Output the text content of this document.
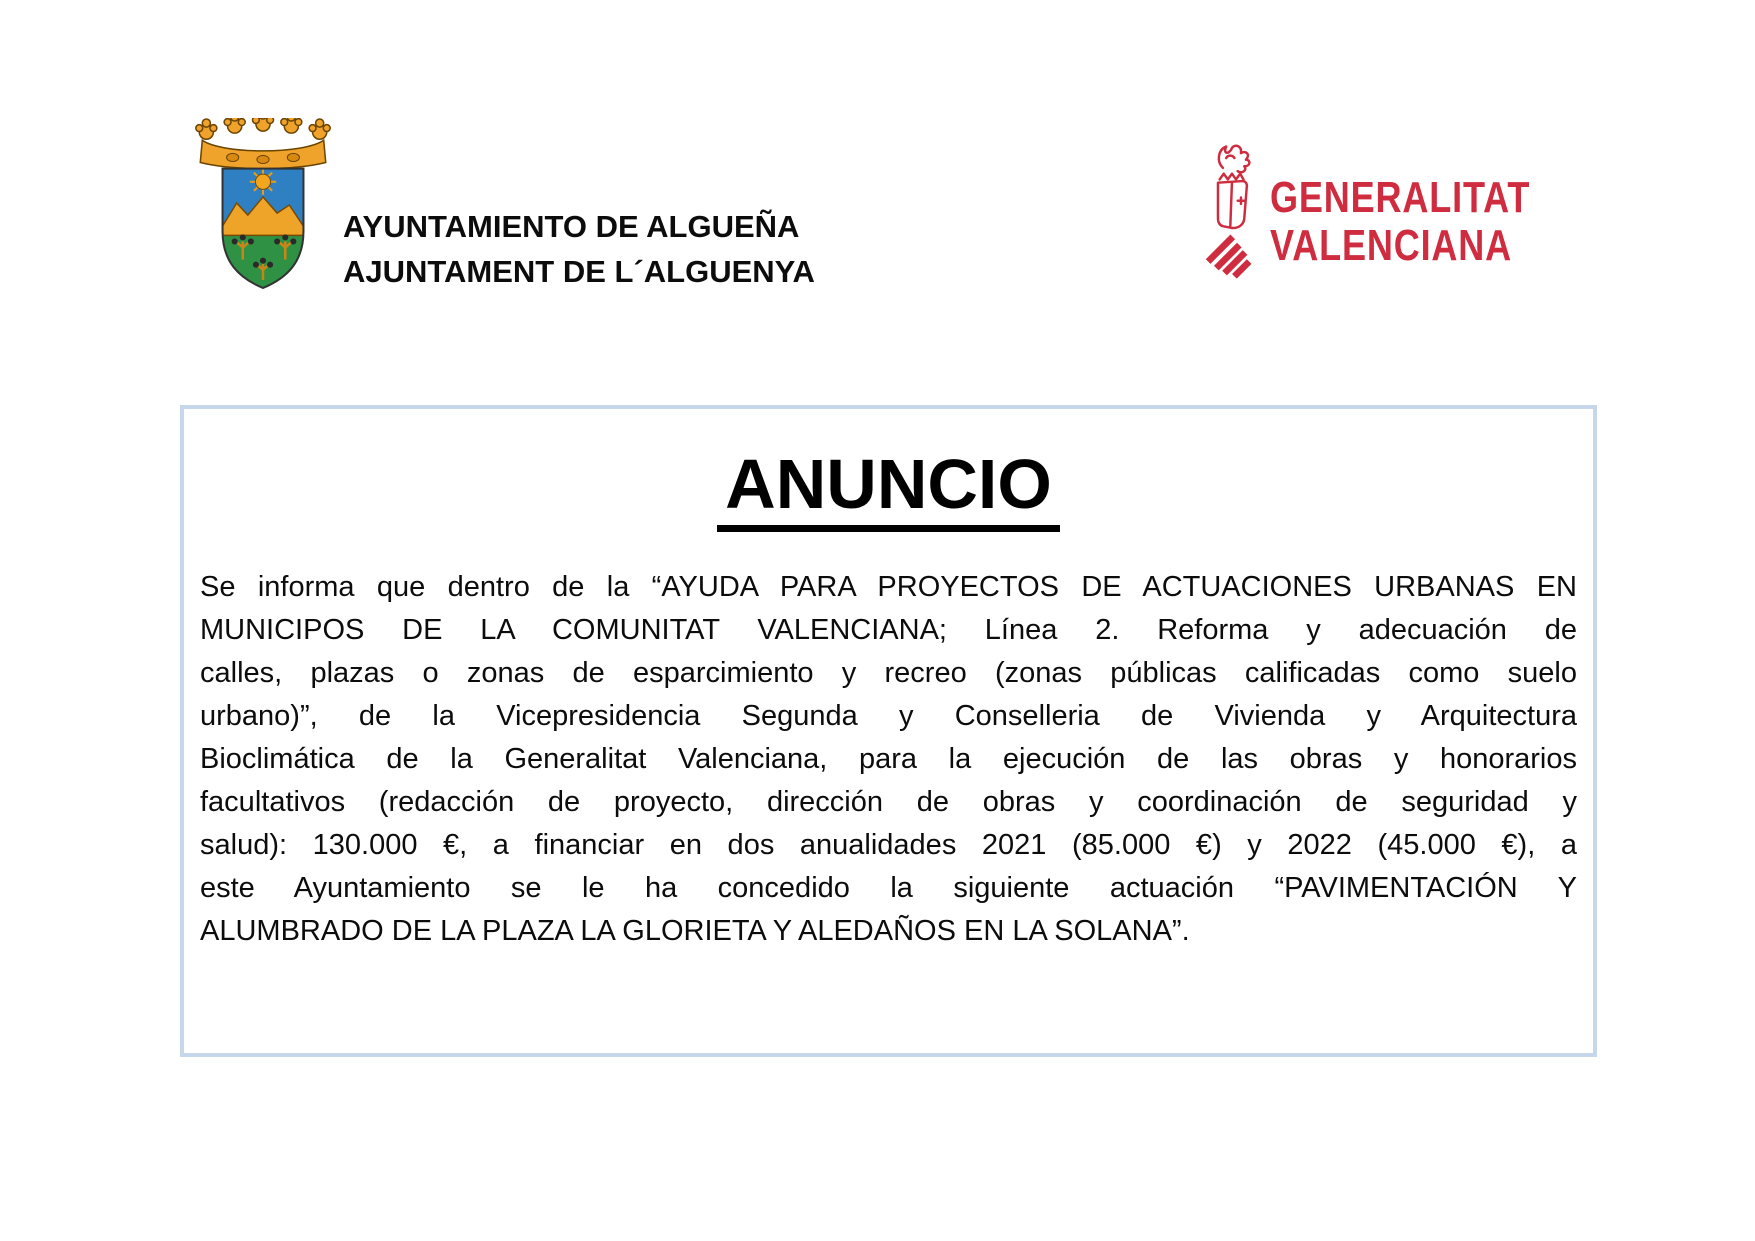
AYUNTAMIENTO DE ALGUEÑA
AJUNTAMENT DE L´ALGUENYA
GENERALITAT
VALENCIANA
ANUNCIO
Se informa que dentro de la “AYUDA PARA PROYECTOS DE ACTUACIONES URBANAS EN
MUNICIPOS DE LA COMUNITAT VALENCIANA; Línea 2. Reforma y adecuación de
calles, plazas o zonas de esparcimiento y recreo (zonas públicas calificadas como suelo
urbano)”, de la Vicepresidencia Segunda y Conselleria de Vivienda y Arquitectura
Bioclimática de la Generalitat Valenciana, para la ejecución de las obras y honorarios
facultativos (redacción de proyecto, dirección de obras y coordinación de seguridad y
salud): 130.000 €, a financiar en dos anualidades 2021 (85.000 €) y 2022 (45.000 €), a
este Ayuntamiento se le ha concedido la siguiente actuación “PAVIMENTACIÓN Y
ALUMBRADO DE LA PLAZA LA GLORIETA Y ALEDAÑOS EN LA SOLANA”.
